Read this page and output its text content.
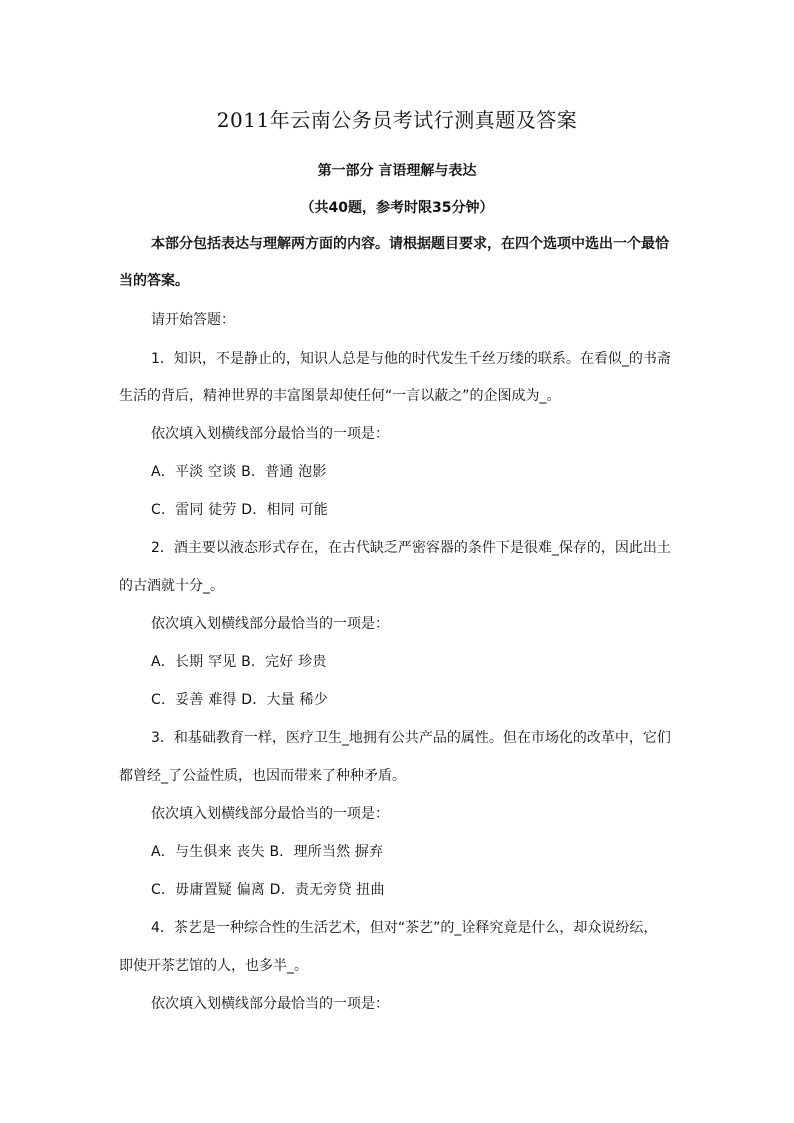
2011年云南公务员考试行测真题及答案
第一部分 言语理解与表达
（共40题，参考时限35分钟）
本部分包括表达与理解两方面的内容。请根据题目要求，在四个选项中选出一个最恰
当的答案。
请开始答题：
1．知识，不是静止的，知识人总是与他的时代发生千丝万缕的联系。在看似_的书斋
生活的背后，精神世界的丰富图景却使任何“一言以蔽之”的企图成为_。
依次填入划横线部分最恰当的一项是：
A．平淡 空谈 B．普通 泡影
C．雷同 徒劳 D．相同 可能
2．酒主要以液态形式存在，在古代缺乏严密容器的条件下是很难_保存的，因此出土
的古酒就十分_。
依次填入划横线部分最恰当的一项是：
A．长期 罕见 B．完好 珍贵
C．妥善 难得 D．大量 稀少
3．和基础教育一样，医疗卫生_地拥有公共产品的属性。但在市场化的改革中，它们
都曾经_了公益性质，也因而带来了种种矛盾。
依次填入划横线部分最恰当的一项是：
A．与生俱来 丧失 B．理所当然 摒弃
C．毋庸置疑 偏离 D．责无旁贷 扭曲
4．茶艺是一种综合性的生活艺术，但对“茶艺”的_诠释究竟是什么，却众说纷纭，
即使开茶艺馆的人，也多半_。
依次填入划横线部分最恰当的一项是：
